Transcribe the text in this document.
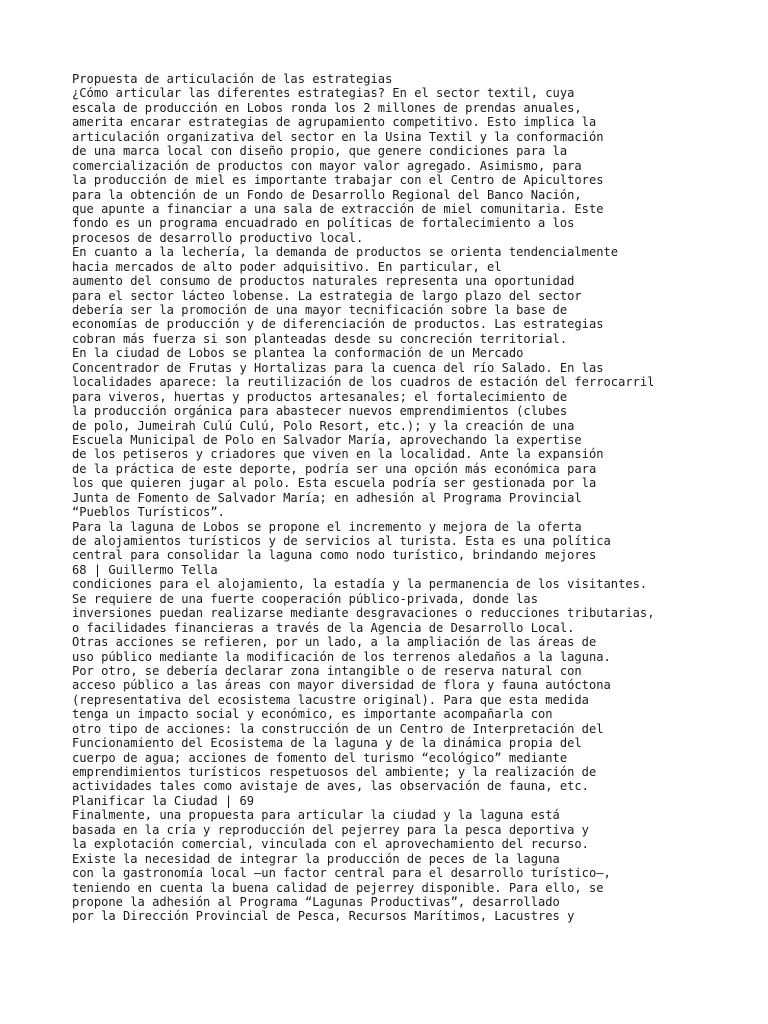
Propuesta de articulación de las estrategias
¿Cómo articular las diferentes estrategias? En el sector textil, cuya
escala de producción en Lobos ronda los 2 millones de prendas anuales,
amerita encarar estrategias de agrupamiento competitivo. Esto implica la
articulación organizativa del sector en la Usina Textil y la conformación
de una marca local con diseño propio, que genere condiciones para la
comercialización de productos con mayor valor agregado. Asimismo, para
la producción de miel es importante trabajar con el Centro de Apicultores
para la obtención de un Fondo de Desarrollo Regional del Banco Nación,
que apunte a financiar a una sala de extracción de miel comunitaria. Este
fondo es un programa encuadrado en políticas de fortalecimiento a los
procesos de desarrollo productivo local.
En cuanto a la lechería, la demanda de productos se orienta tendencialmente
hacia mercados de alto poder adquisitivo. En particular, el
aumento del consumo de productos naturales representa una oportunidad
para el sector lácteo lobense. La estrategia de largo plazo del sector
debería ser la promoción de una mayor tecnificación sobre la base de
economías de producción y de diferenciación de productos. Las estrategias
cobran más fuerza si son planteadas desde su concreción territorial.
En la ciudad de Lobos se plantea la conformación de un Mercado
Concentrador de Frutas y Hortalizas para la cuenca del río Salado. En las
localidades aparece: la reutilización de los cuadros de estación del ferrocarril
para viveros, huertas y productos artesanales; el fortalecimiento de
la producción orgánica para abastecer nuevos emprendimientos (clubes
de polo, Jumeirah Culú Culú, Polo Resort, etc.); y la creación de una
Escuela Municipal de Polo en Salvador María, aprovechando la expertise
de los petiseros y criadores que viven en la localidad. Ante la expansión
de la práctica de este deporte, podría ser una opción más económica para
los que quieren jugar al polo. Esta escuela podría ser gestionada por la
Junta de Fomento de Salvador María; en adhesión al Programa Provincial
“Pueblos Turísticos”.
Para la laguna de Lobos se propone el incremento y mejora de la oferta
de alojamientos turísticos y de servicios al turista. Esta es una política
central para consolidar la laguna como nodo turístico, brindando mejores
68 | Guillermo Tella
condiciones para el alojamiento, la estadía y la permanencia de los visitantes.
Se requiere de una fuerte cooperación público-privada, donde las
inversiones puedan realizarse mediante desgravaciones o reducciones tributarias,
o facilidades financieras a través de la Agencia de Desarrollo Local.
Otras acciones se refieren, por un lado, a la ampliación de las áreas de
uso público mediante la modificación de los terrenos aledaños a la laguna.
Por otro, se debería declarar zona intangible o de reserva natural con
acceso público a las áreas con mayor diversidad de flora y fauna autóctona
(representativa del ecosistema lacustre original). Para que esta medida
tenga un impacto social y económico, es importante acompañarla con
otro tipo de acciones: la construcción de un Centro de Interpretación del
Funcionamiento del Ecosistema de la laguna y de la dinámica propia del
cuerpo de agua; acciones de fomento del turismo “ecológico” mediante
emprendimientos turísticos respetuosos del ambiente; y la realización de
actividades tales como avistaje de aves, las observación de fauna, etc.
Planificar la Ciudad | 69
Finalmente, una propuesta para articular la ciudad y la laguna está
basada en la cría y reproducción del pejerrey para la pesca deportiva y
la explotación comercial, vinculada con el aprovechamiento del recurso.
Existe la necesidad de integrar la producción de peces de la laguna
con la gastronomía local –un factor central para el desarrollo turístico–,
teniendo en cuenta la buena calidad de pejerrey disponible. Para ello, se
propone la adhesión al Programa “Lagunas Productivas”, desarrollado
por la Dirección Provincial de Pesca, Recursos Marítimos, Lacustres y
